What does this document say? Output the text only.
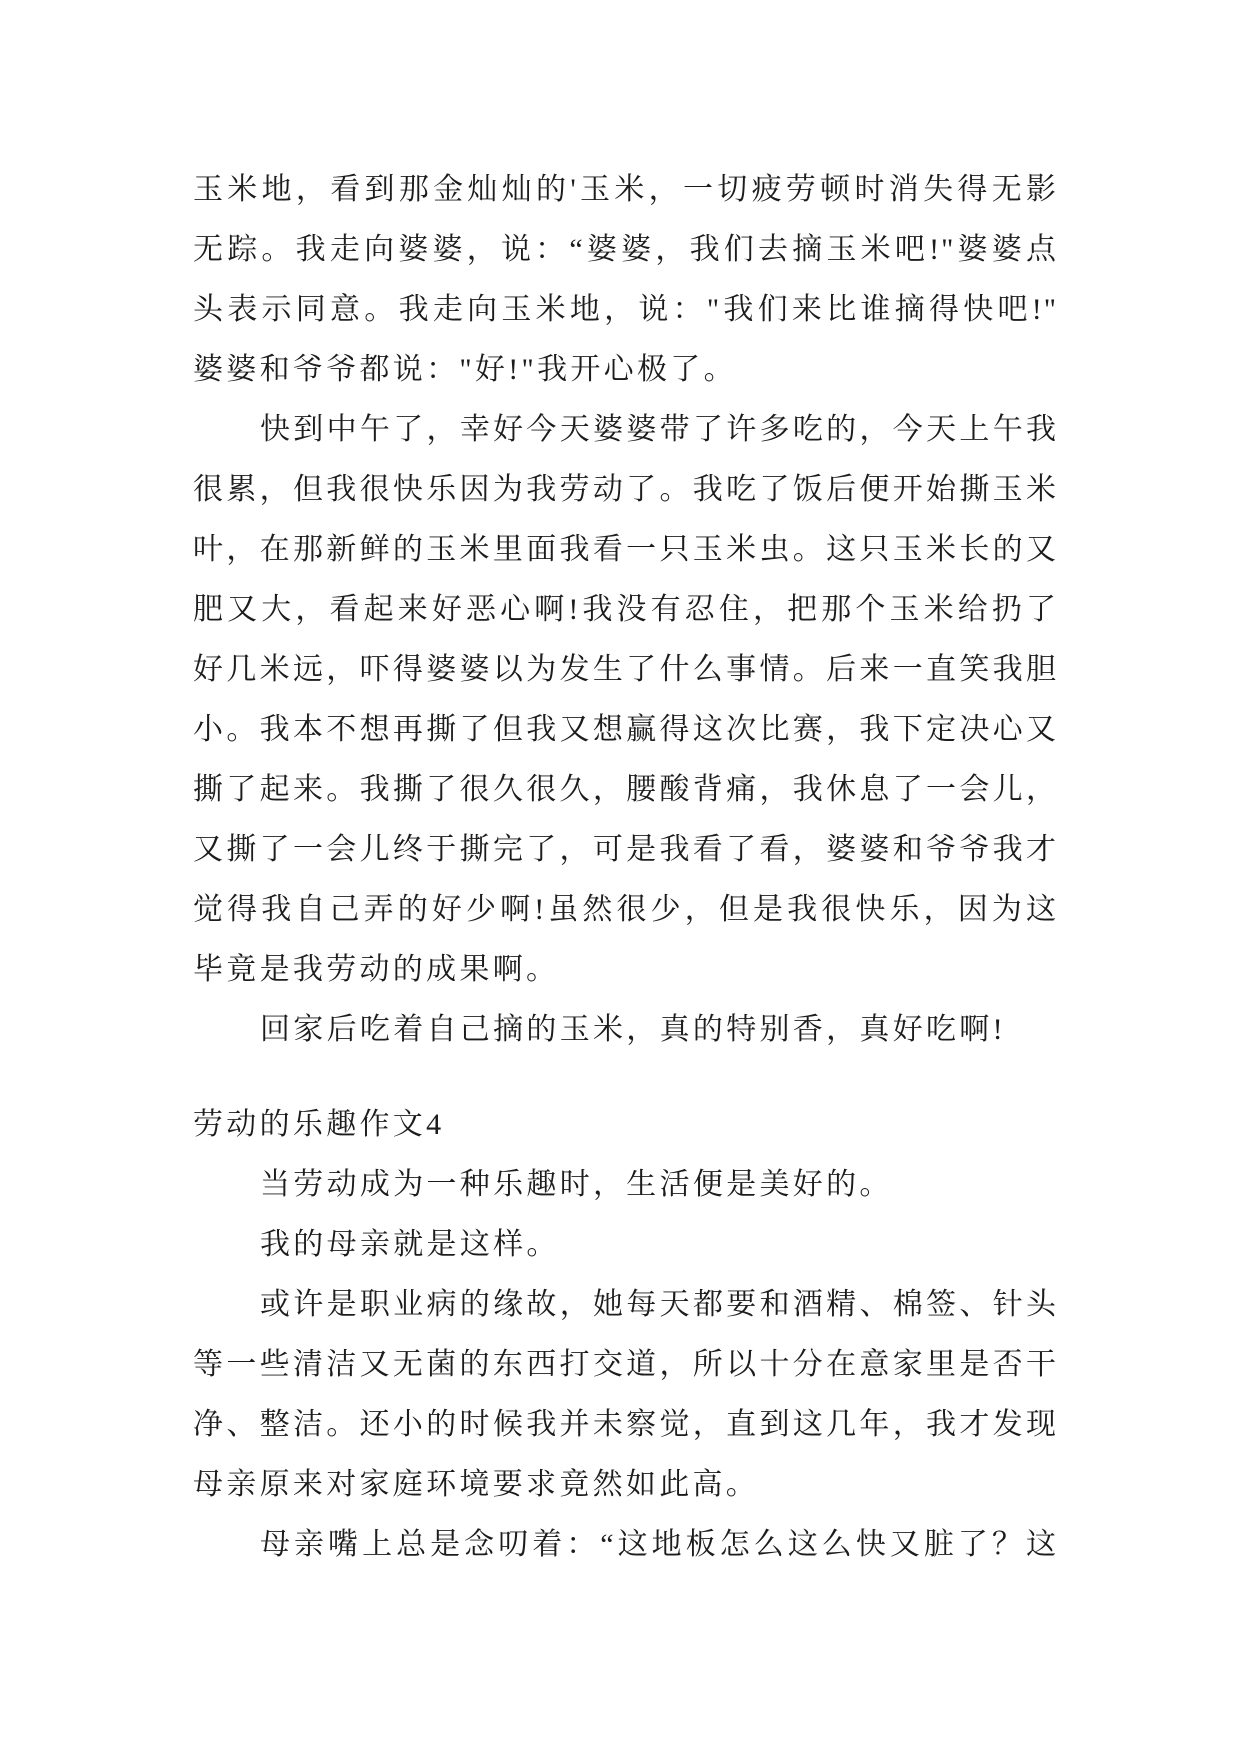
玉米地，看到那金灿灿的'玉米，一切疲劳顿时消失得无影
无踪。我走向婆婆，说：“婆婆，我们去摘玉米吧!"婆婆点
头表示同意。我走向玉米地，说："我们来比谁摘得快吧!"
婆婆和爷爷都说："好!"我开心极了。
快到中午了，幸好今天婆婆带了许多吃的，今天上午我
很累，但我很快乐因为我劳动了。我吃了饭后便开始撕玉米
叶，在那新鲜的玉米里面我看一只玉米虫。这只玉米长的又
肥又大，看起来好恶心啊!我没有忍住，把那个玉米给扔了
好几米远，吓得婆婆以为发生了什么事情。后来一直笑我胆
小。我本不想再撕了但我又想赢得这次比赛，我下定决心又
撕了起来。我撕了很久很久，腰酸背痛，我休息了一会儿，
又撕了一会儿终于撕完了，可是我看了看，婆婆和爷爷我才
觉得我自己弄的好少啊!虽然很少，但是我很快乐，因为这
毕竟是我劳动的成果啊。
回家后吃着自己摘的玉米，真的特别香，真好吃啊!
劳动的乐趣作文4
当劳动成为一种乐趣时，生活便是美好的。
我的母亲就是这样。
或许是职业病的缘故，她每天都要和酒精、棉签、针头
等一些清洁又无菌的东西打交道，所以十分在意家里是否干
净、整洁。还小的时候我并未察觉，直到这几年，我才发现
母亲原来对家庭环境要求竟然如此高。
母亲嘴上总是念叨着：“这地板怎么这么快又脏了？这
